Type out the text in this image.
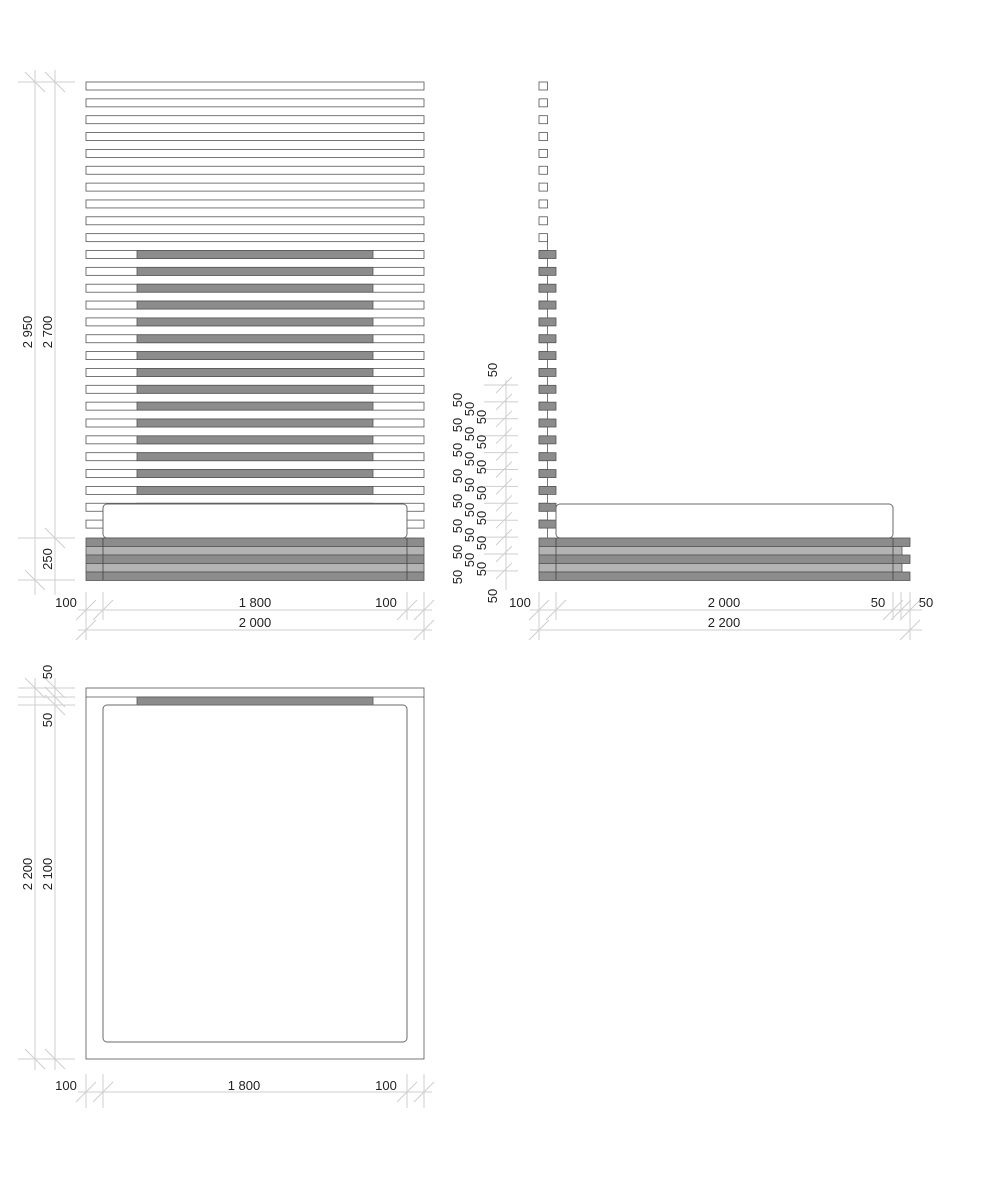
2 950 2 700
250
100	1 800	100
2 000
50
50
50
50
50
50
50
50
50
50
50
50
50
50
50
50
50
50
50
50
50
50
50
50 100	2 000	50	50
2 200
50
50
2 200 2 100
100	1 800	100
